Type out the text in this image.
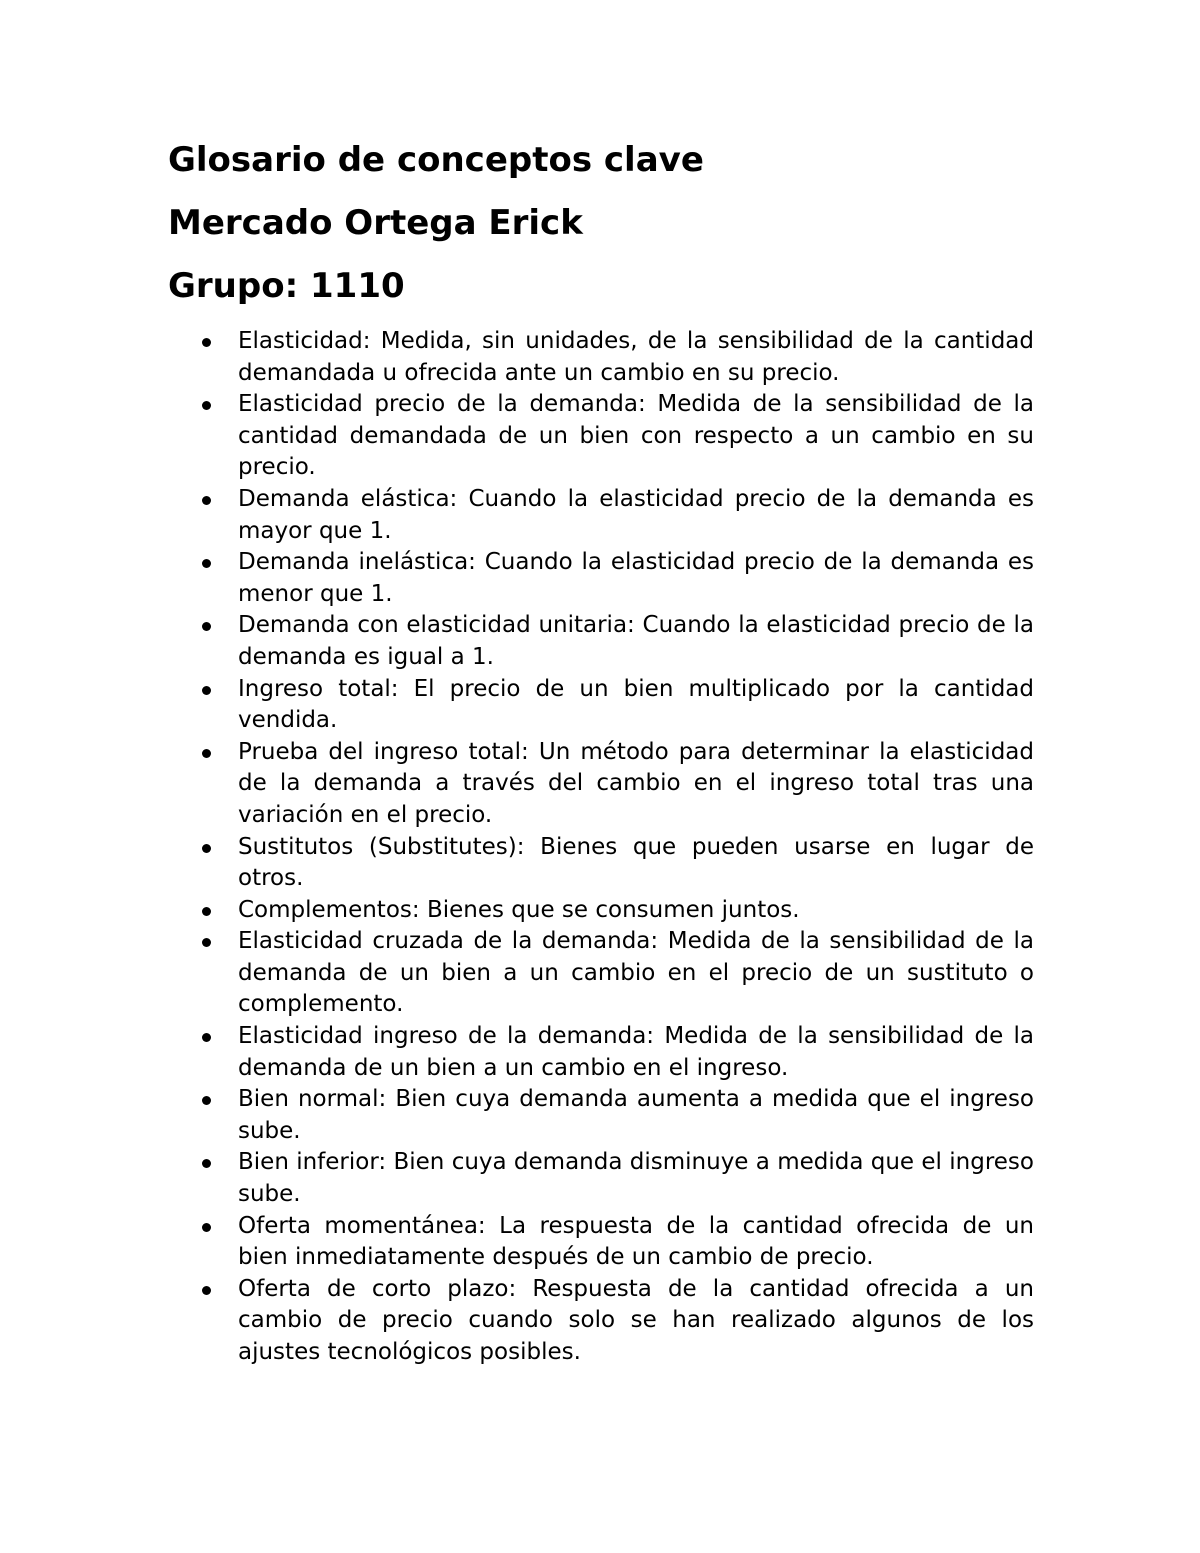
Glosario de conceptos clave
Mercado Ortega Erick
Grupo: 1110
Elasticidad: Medida, sin unidades, de la sensibilidad de la cantidad demandada u ofrecida ante un cambio en su precio.
Elasticidad precio de la demanda: Medida de la sensibilidad de la cantidad demandada de un bien con respecto a un cambio en su precio.
Demanda elástica: Cuando la elasticidad precio de la demanda es mayor que 1.
Demanda inelástica: Cuando la elasticidad precio de la demanda es menor que 1.
Demanda con elasticidad unitaria: Cuando la elasticidad precio de la demanda es igual a 1.
Ingreso total: El precio de un bien multiplicado por la cantidad vendida.
Prueba del ingreso total: Un método para determinar la elasticidad de la demanda a través del cambio en el ingreso total tras una variación en el precio.
Sustitutos (Substitutes): Bienes que pueden usarse en lugar de otros.
Complementos: Bienes que se consumen juntos.
Elasticidad cruzada de la demanda: Medida de la sensibilidad de la demanda de un bien a un cambio en el precio de un sustituto o complemento.
Elasticidad ingreso de la demanda: Medida de la sensibilidad de la demanda de un bien a un cambio en el ingreso.
Bien normal: Bien cuya demanda aumenta a medida que el ingreso sube.
Bien inferior: Bien cuya demanda disminuye a medida que el ingreso sube.
Oferta momentánea: La respuesta de la cantidad ofrecida de un bien inmediatamente después de un cambio de precio.
Oferta de corto plazo: Respuesta de la cantidad ofrecida a un cambio de precio cuando solo se han realizado algunos de los ajustes tecnológicos posibles.
